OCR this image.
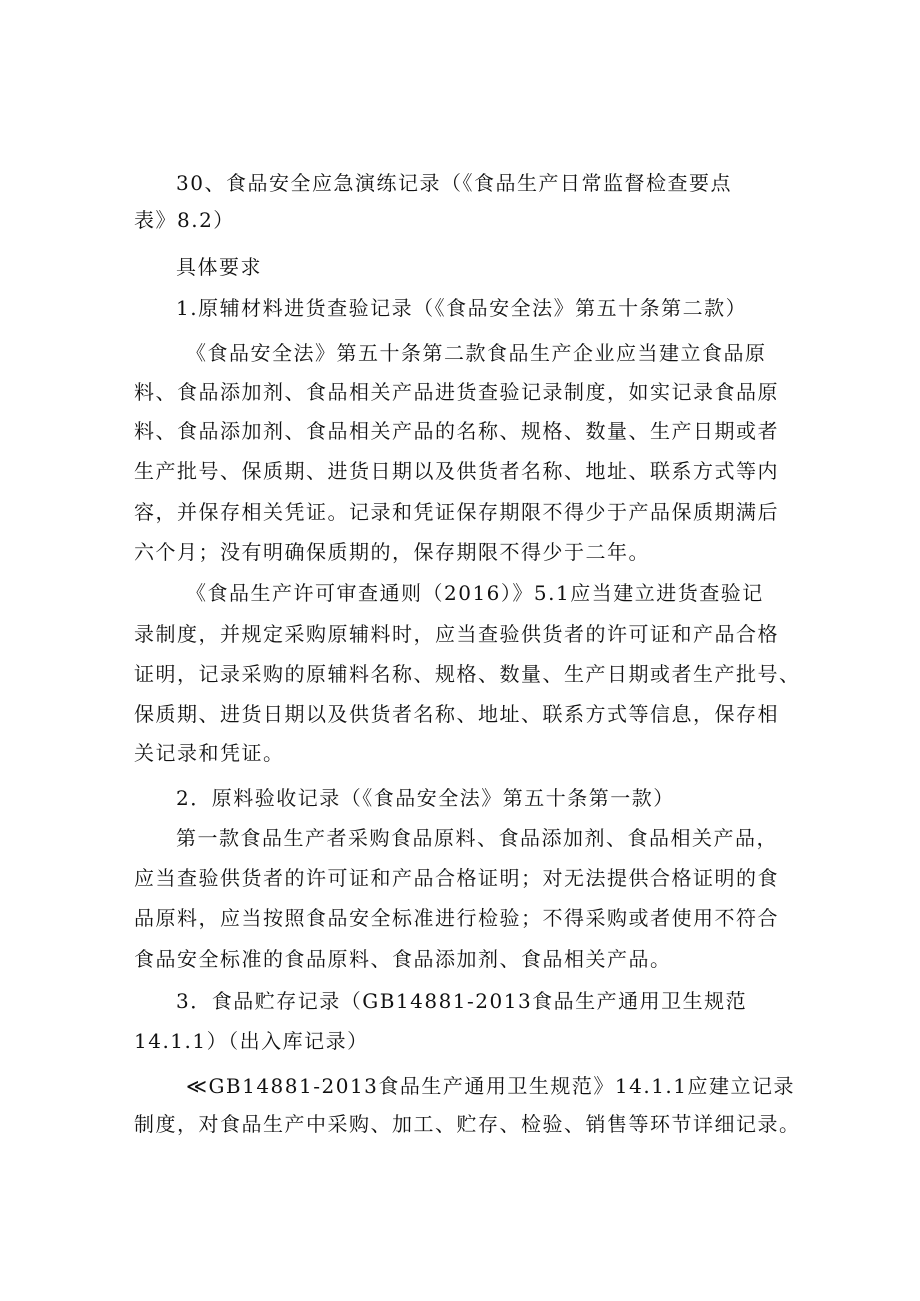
30、食品安全应急演练记录（《食品生产日常监督检查要点
表》8.2）
具体要求
1.原辅材料进货查验记录（《食品安全法》第五十条第二款）
《食品安全法》第五十条第二款食品生产企业应当建立食品原
料、食品添加剂、食品相关产品进货查验记录制度，如实记录食品原
料、食品添加剂、食品相关产品的名称、规格、数量、生产日期或者
生产批号、保质期、进货日期以及供货者名称、地址、联系方式等内
容，并保存相关凭证。记录和凭证保存期限不得少于产品保质期满后
六个月；没有明确保质期的，保存期限不得少于二年。
《食品生产许可审查通则（2016）》5.1应当建立进货查验记
录制度，并规定采购原辅料时，应当查验供货者的许可证和产品合格
证明，记录采购的原辅料名称、规格、数量、生产日期或者生产批号、
保质期、进货日期以及供货者名称、地址、联系方式等信息，保存相
关记录和凭证。
2．原料验收记录（《食品安全法》第五十条第一款）
第一款食品生产者采购食品原料、食品添加剂、食品相关产品，
应当查验供货者的许可证和产品合格证明；对无法提供合格证明的食
品原料，应当按照食品安全标准进行检验；不得采购或者使用不符合
食品安全标准的食品原料、食品添加剂、食品相关产品。
3．食品贮存记录（GB14881-2013食品生产通用卫生规范
14.1.1）（出入库记录）
≪GB14881-2013食品生产通用卫生规范》14.1.1应建立记录
制度，对食品生产中采购、加工、贮存、检验、销售等环节详细记录。
